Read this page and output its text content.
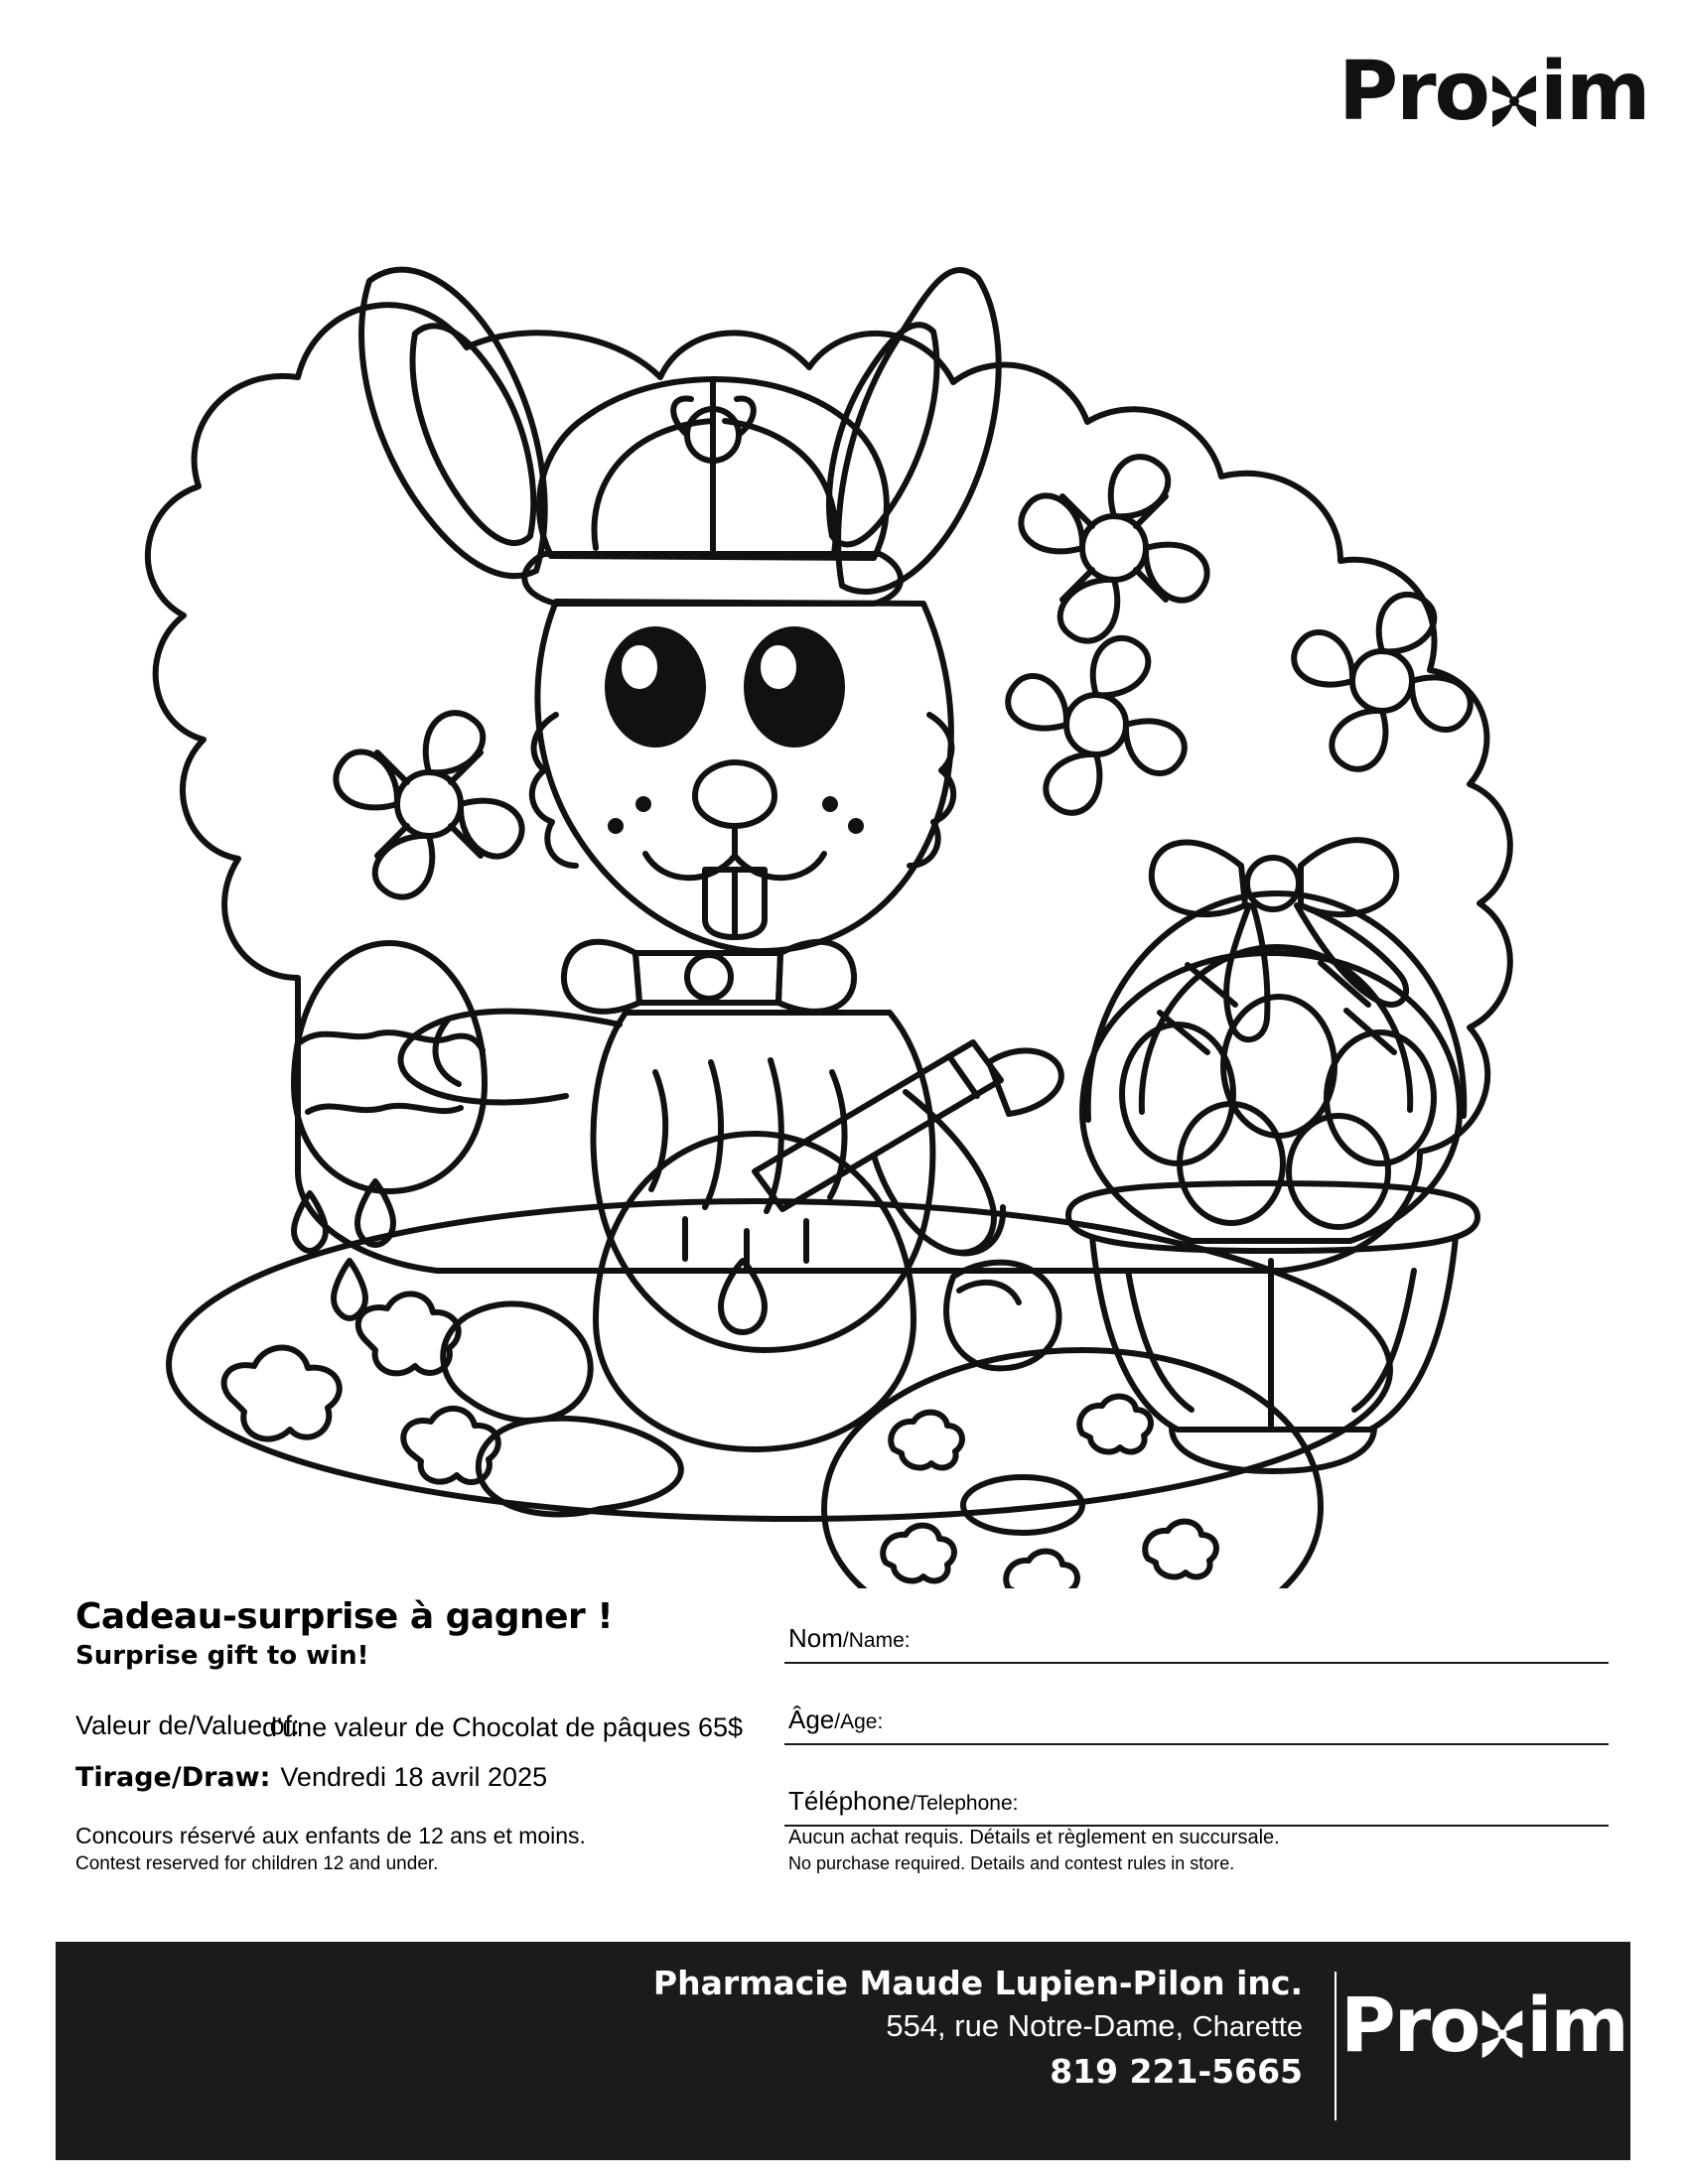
Pro im
Cadeau-surprise à gagner !
Surprise gift to win!
Valeur de/Value of:
d'une valeur de Chocolat de pâques 65$
Tirage/Draw: Vendredi 18 avril 2025
Concours réservé aux enfants de 12 ans et moins.
Contest reserved for children 12 and under.
Nom/Name:
Âge/Age:
Téléphone/Telephone:

Aucun achat requis. Détails et règlement en succursale.

No purchase required. Details and contest rules in store.

Pharmacie Maude Lupien-Pilon inc.
554, rue Notre-Dame, Charette
819 221-5665
Pro im
